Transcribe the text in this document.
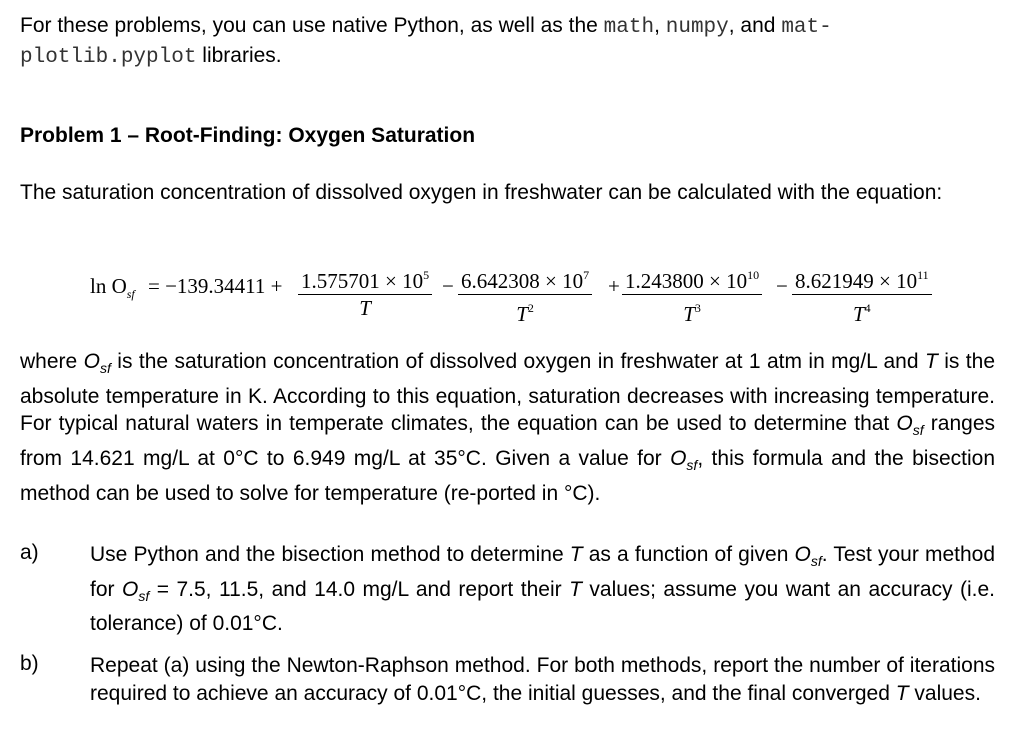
For these problems, you can use native Python, as well as the math, numpy, and mat-
plotlib.pyplot libraries.
Problem 1 – Root-Finding: Oxygen Saturation
The saturation concentration of dissolved oxygen in freshwater can be calculated with the equation:
$\ln O_{sf} = -139.34411 + \frac{1.575701 \times 10^5}{T} - \frac{6.642308 \times 10^7}{T^2} + \frac{1.243800 \times 10^{10}}{T^3} - \frac{8.621949 \times 10^{11}}{T^4}$
where $O_{sf}$ is the saturation concentration of dissolved oxygen in freshwater at 1 atm in mg/L and T is the absolute temperature in K. According to this equation, saturation decreases with increasing temperature. For typical natural waters in temperate climates, the equation can be used to determine that $O_{sf}$ ranges from 14.621 mg/L at 0°C to 6.949 mg/L at 35°C. Given a value for $O_{sf}$, this formula and the bisection method can be used to solve for temperature (re-ported in °C).
a) Use Python and the bisection method to determine T as a function of given $O_{sf}$. Test your method for $O_{sf} = 7.5$, 11.5, and 14.0 mg/L and report their T values; assume you want an accuracy (i.e. tolerance) of 0.01°C.
b) Repeat (a) using the Newton-Raphson method. For both methods, report the number of iterations required to achieve an accuracy of 0.01°C, the initial guesses, and the final converged T values.
